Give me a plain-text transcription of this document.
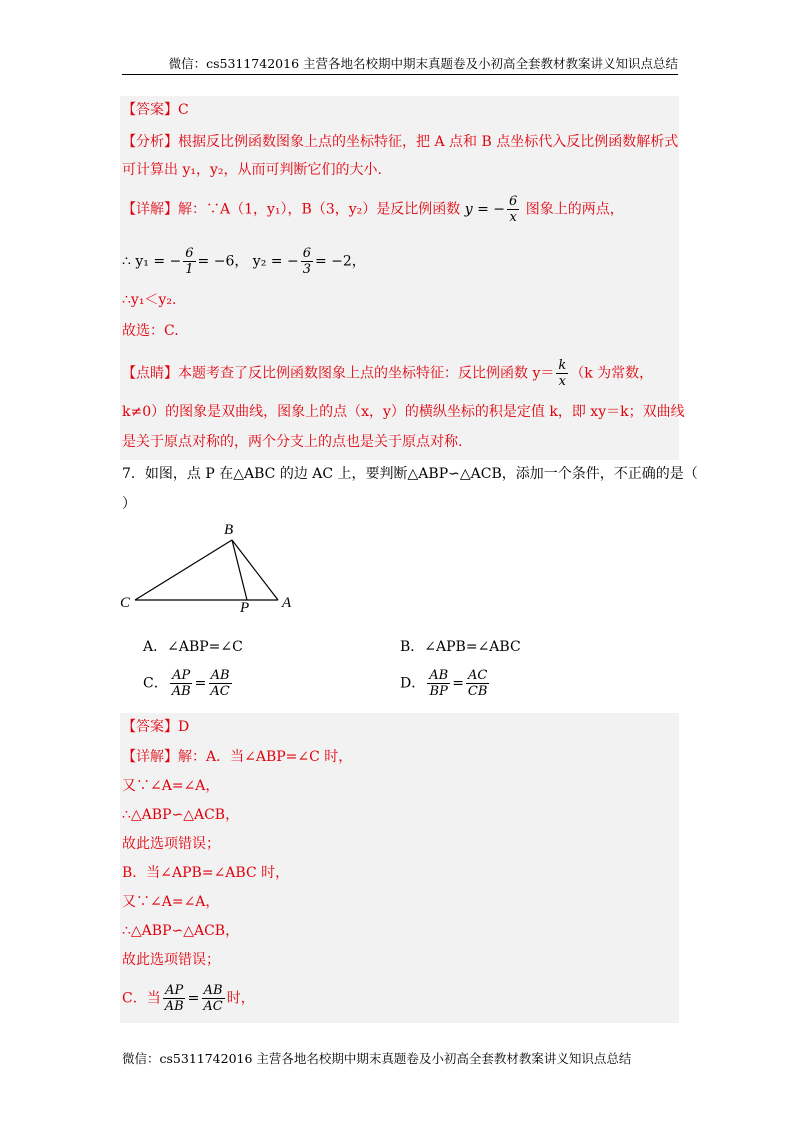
微信：cs5311742016 主营各地名校期中期末真题卷及小初高全套教材教案讲义知识点总结
【答案】C
【分析】根据反比例函数图象上点的坐标特征，把 A 点和 B 点坐标代入反比例函数解析式
可计算出 y₁，y₂，从而可判断它们的大小.
【详解】解：∵A（1，y₁），B（3，y₂）是反比例函数 y = − $\frac{6}{x}$ 图象上的两点，
∴ y₁ = − $\frac{6}{1} = -6$， y₂ = − $\frac{6}{3} = -2$，
∴y₁＜y₂.
故选：C.
【点睛】本题考查了反比例函数图象上点的坐标特征：反比例函数 $y= \frac{k}{x} (k$ 为常数，
k≠0）的图象是双曲线，图象上的点（x，y）的横纵坐标的积是定值 k，即 xy＝k；双曲线
是关于原点对称的，两个分支上的点也是关于原点对称.
7．如图，点 P 在△ABC 的边 AC 上，要判断△ABP∽△ACB，添加一个条件，不正确的是（
）
B
C	P A
A．∠ABP=∠C	B．∠APB=∠ABC
C． $\frac{AP}{AB} = \frac{AB}{AC}$	D． $\frac{AB}{BP} = \frac{AC}{CB}$
【答案】D
【详解】解：A．当∠ABP=∠C 时，
又∵∠A=∠A，
∴△ABP∽△ACB，
故此选项错误；
B．当∠APB=∠ABC 时，
又∵∠A=∠A，
∴△ABP∽△ACB，
故此选项错误；
C．当 $\frac{AP}{AB} = \frac{AB}{AC}$ 时，
微信：cs5311742016 主营各地名校期中期末真题卷及小初高全套教材教案讲义知识点总结
